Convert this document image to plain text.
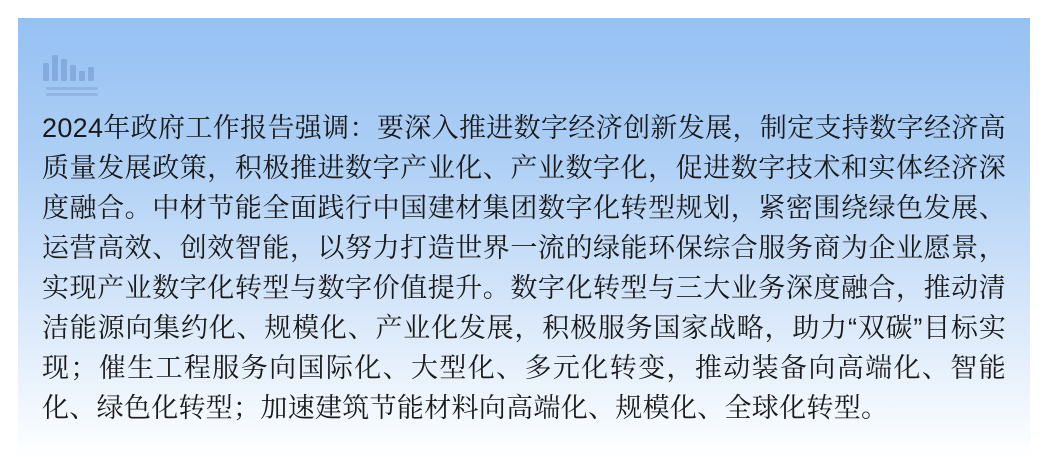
2024年政府工作报告强调：要深入推进数字经济创新发展，制定支持数字经济高质量发展政策，积极推进数字产业化、产业数字化，促进数字技术和实体经济深度融合。中材节能全面践行中国建材集团数字化转型规划，紧密围绕绿色发展、运营高效、创效智能，以努力打造世界一流的绿能环保综合服务商为企业愿景，实现产业数字化转型与数字价值提升。数字化转型与三大业务深度融合，推动清洁能源向集约化、规模化、产业化发展，积极服务国家战略，助力“双碳”目标实现；催生工程服务向国际化、大型化、多元化转变，推动装备向高端化、智能化、绿色化转型；加速建筑节能材料向高端化、规模化、全球化转型。
